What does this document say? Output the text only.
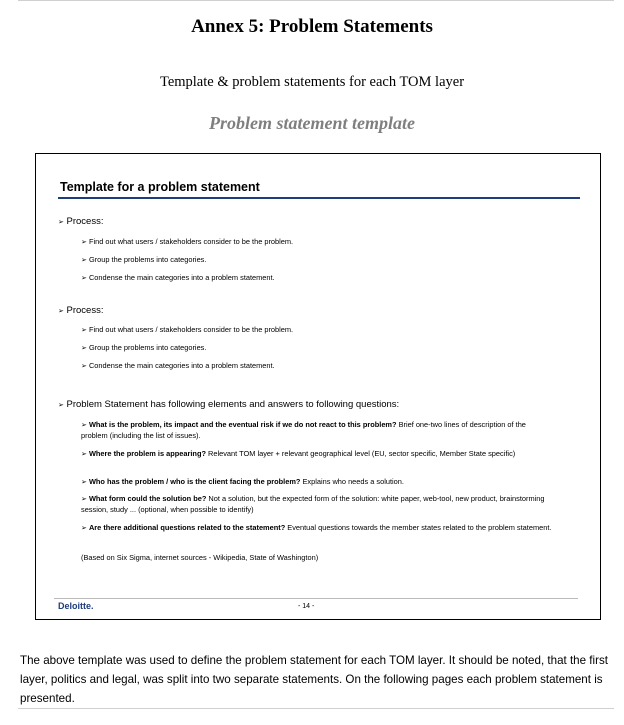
Annex 5: Problem Statements
Template & problem statements for each TOM layer
Problem statement template
Template for a problem statement
➢ Process:
➢ Find out what users / stakeholders consider to be the problem.
➢ Group the problems into categories.
➢ Condense the main categories into a problem statement.
➢ Process:
➢ Find out what users / stakeholders consider to be the problem.
➢ Group the problems into categories.
➢ Condense the main categories into a problem statement.
➢ Problem Statement has following elements and answers to following questions:
➢ What is the problem, its impact and the eventual risk if we do not react to this problem? Brief one-two lines of description of the problem (including the list of issues).
➢ Where the problem is appearing? Relevant TOM layer + relevant geographical level (EU, sector specific, Member State specific)
➢ Who has the problem / who is the client facing the problem? Explains who needs a solution.
➢ What form could the solution be? Not a solution, but the expected form of the solution: white paper, web-tool, new product, brainstorming session, study ... (optional, when possible to identify)
➢ Are there additional questions related to the statement? Eventual questions towards the member states related to the problem statement.
(Based on Six Sigma, internet sources - Wikipedia, State of Washington)
Deloitte.	- 14 -
The above template was used to define the problem statement for each TOM layer. It should be noted, that the first layer, politics and legal, was split into two separate statements. On the following pages each problem statement is presented.
